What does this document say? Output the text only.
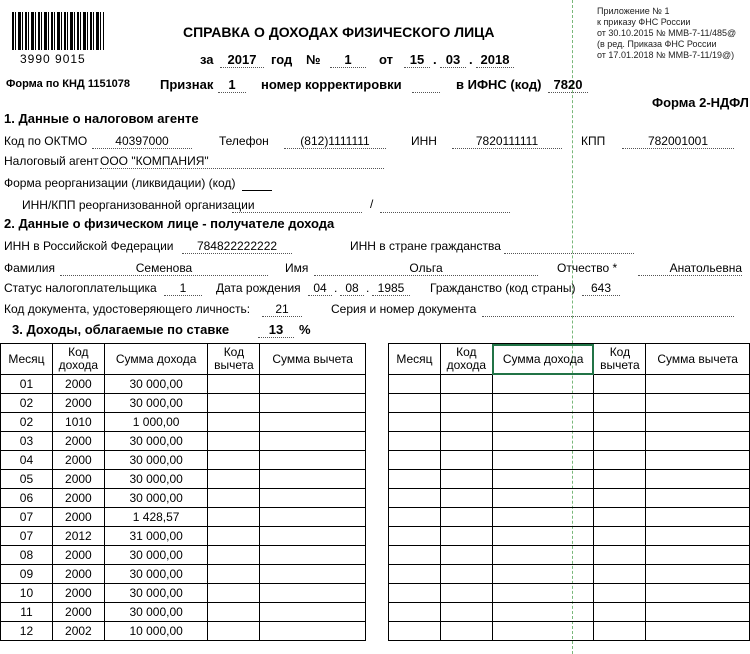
3990 9015
Форма по КНД 1151078
СПРАВКА О ДОХОДАХ ФИЗИЧЕСКОГО ЛИЦА
за	2017	год №	1	от	15 . 03 . 2018
Признак	1	номер корректировки	в ИФНС (код) 7820
Приложение № 1
к приказу ФНС России
от 30.10.2015 № ММВ-7-11/485@
(в ред. Приказа ФНС России
от 17.01.2018 № ММВ-7-11/19@)
Форма 2-НДФЛ
1. Данные о налоговом агенте
Код по ОКТМО	40397000	Телефон	(812)1111111	ИНН	7820111111	КПП	782001001
Налоговый агент ООО "КОМПАНИЯ"
Форма реорганизации (ликвидации) (код)
ИНН/КПП реорганизованной организации	/
2. Данные о физическом лице - получателе дохода
ИНН в Российской Федерации	784822222222	ИНН в стране гражданства
Фамилия	Семенова	Имя	Ольга	Отчество *	Анатольевна
Статус налогоплательщика	1	Дата рождения	04 . 08 . 1985	Гражданство (код страны)	643
Код документа, удостоверяющего личность:	21	Серия и номер документа
3. Доходы, облагаемые по ставке	13	%
Месяц	Код
дохода	Сумма дохода	Код
вычета	Сумма вычета
01	2000	30 000,00		
02	2000	30 000,00		
02	1010	1 000,00		
03	2000	30 000,00		
04	2000	30 000,00		
05	2000	30 000,00		
06	2000	30 000,00		
07	2000	1 428,57		
07	2012	31 000,00		
08	2000	30 000,00		
09	2000	30 000,00		
10	2000	30 000,00		
11	2000	30 000,00		
12	2002	10 000,00		
Месяц	Код
дохода	Сумма дохода	Код
вычета	Сумма вычета
